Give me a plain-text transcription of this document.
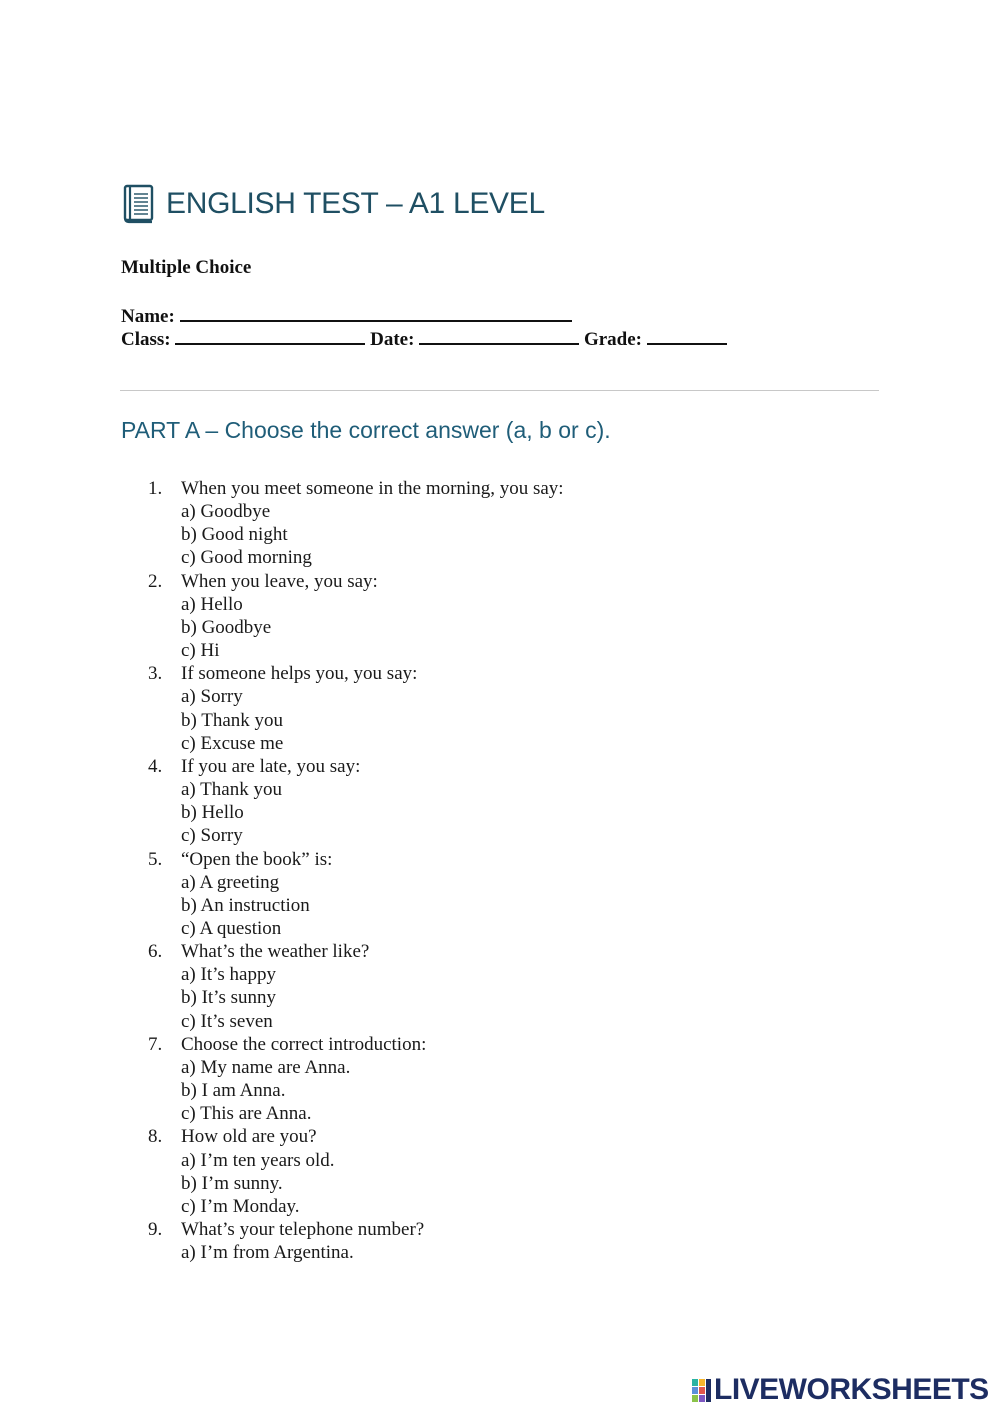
ENGLISH TEST – A1 LEVEL
Multiple Choice
Name:
Class:	Date:	Grade:
PART A – Choose the correct answer (a, b or c).
1. When you meet someone in the morning, you say:
a) Goodbye
b) Good night
c) Good morning
2. When you leave, you say:
a) Hello
b) Goodbye
c) Hi
3. If someone helps you, you say:
a) Sorry
b) Thank you
c) Excuse me
4. If you are late, you say:
a) Thank you
b) Hello
c) Sorry
5. “Open the book” is:
a) A greeting
b) An instruction
c) A question
6. What’s the weather like?
a) It’s happy
b) It’s sunny
c) It’s seven
7. Choose the correct introduction:
a) My name are Anna.
b) I am Anna.
c) This are Anna.
8. How old are you?
a) I’m ten years old.
b) I’m sunny.
c) I’m Monday.
9. What’s your telephone number?
a) I’m from Argentina.
LIVEWORKSHEETS
